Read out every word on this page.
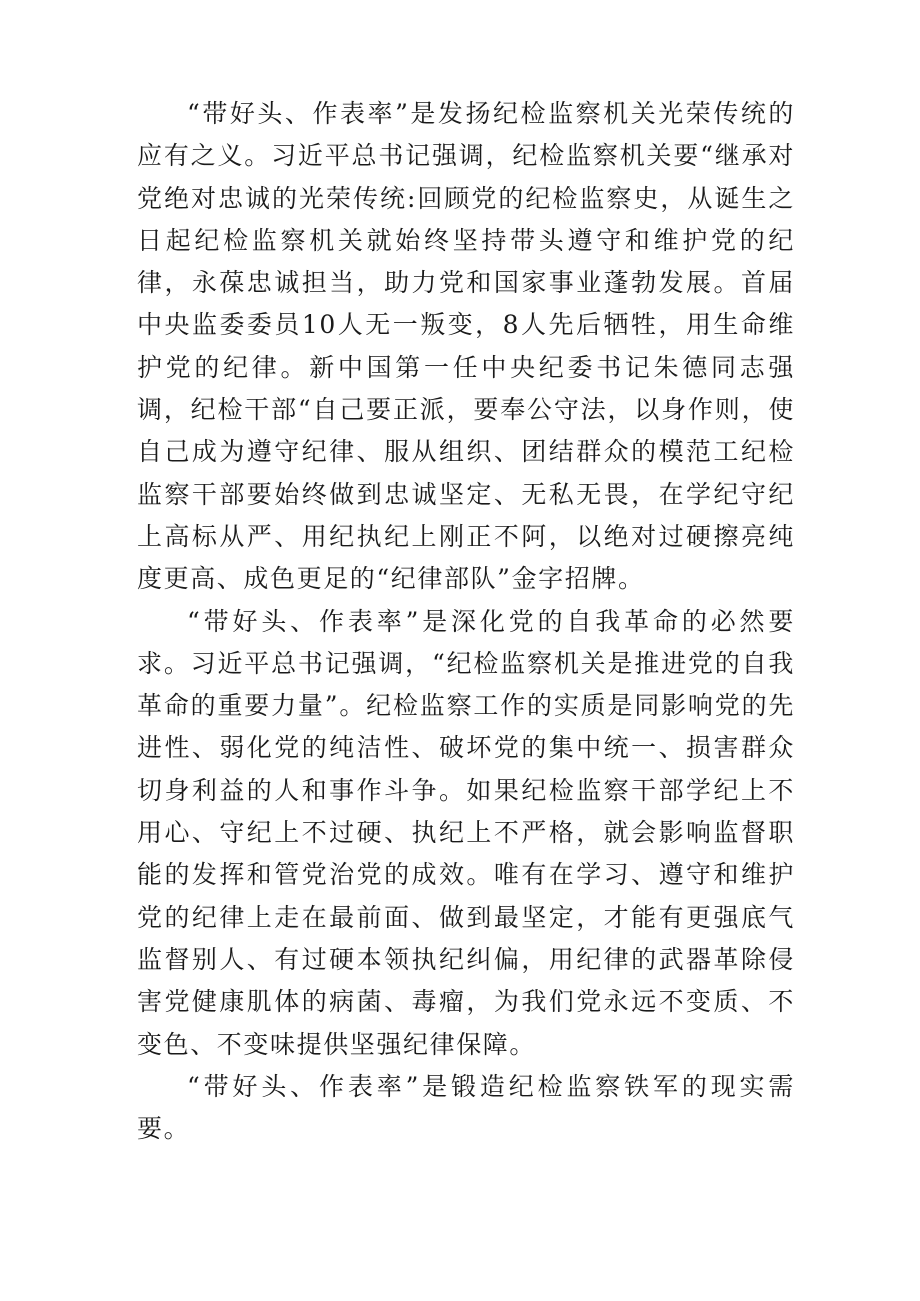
“带好头、作表率”是发扬纪检监察机关光荣传统的应有之义。习近平总书记强调，纪检监察机关要“继承对党绝对忠诚的光荣传统:回顾党的纪检监察史，从诞生之日起纪检监察机关就始终坚持带头遵守和维护党的纪律，永葆忠诚担当，助力党和国家事业蓬勃发展。首届中央监委委员10人无一叛变，8人先后牺牲，用生命维护党的纪律。新中国第一任中央纪委书记朱德同志强调，纪检干部“自己要正派，要奉公守法，以身作则，使自己成为遵守纪律、服从组织、团结群众的模范工纪检监察干部要始终做到忠诚坚定、无私无畏，在学纪守纪上高标从严、用纪执纪上刚正不阿，以绝对过硬擦亮纯度更高、成色更足的“纪律部队”金字招牌。

“带好头、作表率”是深化党的自我革命的必然要求。习近平总书记强调，“纪检监察机关是推进党的自我革命的重要力量”。纪检监察工作的实质是同影响党的先进性、弱化党的纯洁性、破坏党的集中统一、损害群众切身利益的人和事作斗争。如果纪检监察干部学纪上不用心、守纪上不过硬、执纪上不严格，就会影响监督职能的发挥和管党治党的成效。唯有在学习、遵守和维护党的纪律上走在最前面、做到最坚定，才能有更强底气监督别人、有过硬本领执纪纠偏，用纪律的武器革除侵害党健康肌体的病菌、毒瘤，为我们党永远不变质、不变色、不变味提供坚强纪律保障。

“带好头、作表率”是锻造纪检监察铁军的现实需要。
